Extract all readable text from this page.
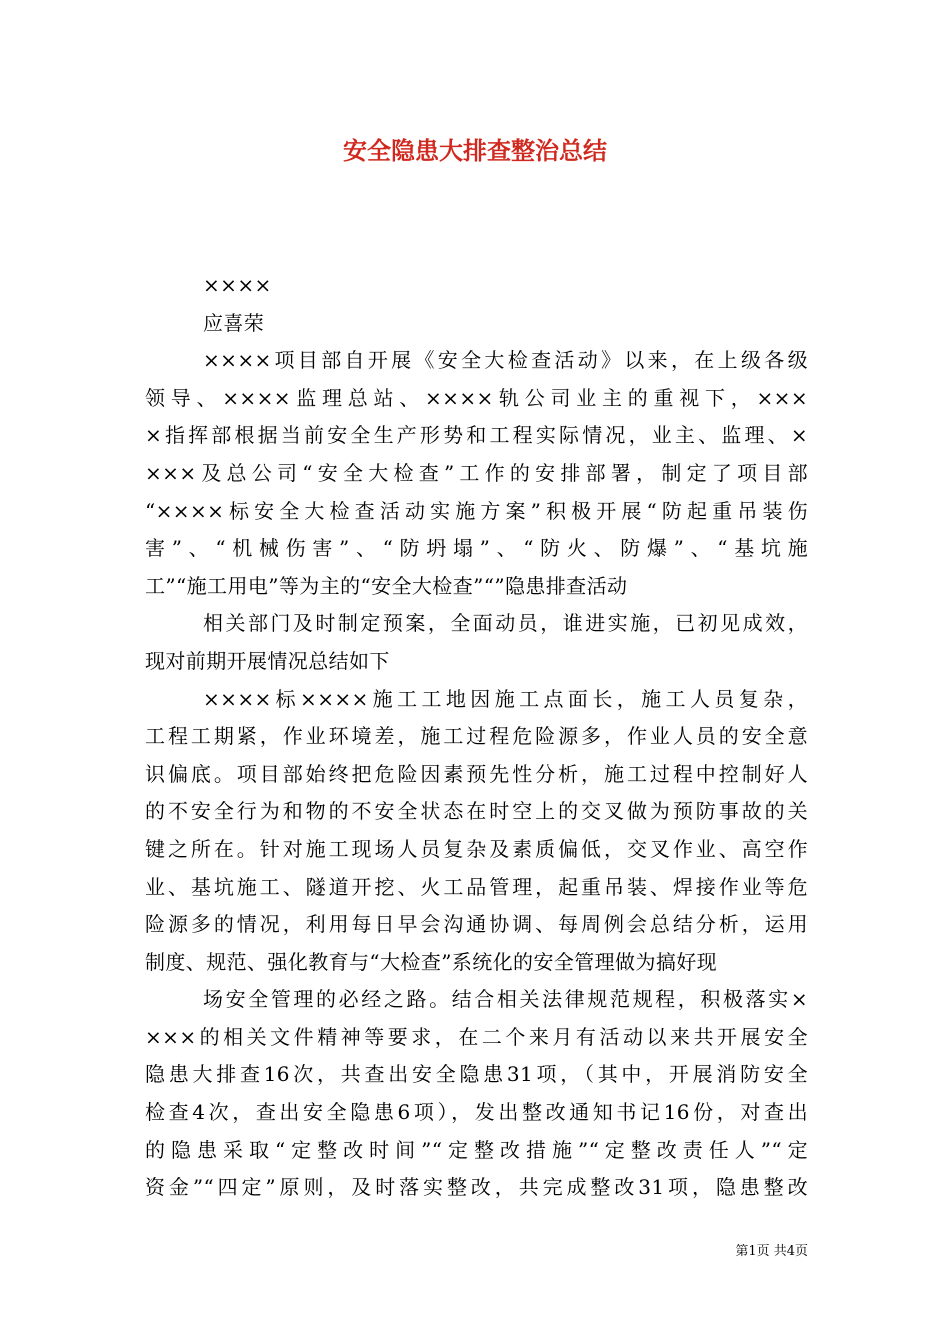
安全隐患大排查整治总结
××××
应喜荣
××××项目部自开展《安全大检查活动》以来，在上级各级
领导、××××监理总站、××××轨公司业主的重视下，×××
×指挥部根据当前安全生产形势和工程实际情况，业主、监理、×
×××及总公司“安全大检查”工作的安排部署，制定了项目部
“××××标安全大检查活动实施方案”积极开展“防起重吊装伤
害”、“机械伤害”、“防坍塌”、“防火、防爆”、“基坑施
工”“施工用电”等为主的“安全大检查”“”隐患排查活动
相关部门及时制定预案，全面动员，谁进实施，已初见成效，
现对前期开展情况总结如下
××××标××××施工工地因施工点面长，施工人员复杂，
工程工期紧，作业环境差，施工过程危险源多，作业人员的安全意
识偏底。项目部始终把危险因素预先性分析，施工过程中控制好人
的不安全行为和物的不安全状态在时空上的交叉做为预防事故的关
键之所在。针对施工现场人员复杂及素质偏低，交叉作业、高空作
业、基坑施工、隧道开挖、火工品管理，起重吊装、焊接作业等危
险源多的情况，利用每日早会沟通协调、每周例会总结分析，运用
制度、规范、强化教育与“大检查”系统化的安全管理做为搞好现
场安全管理的必经之路。结合相关法律规范规程，积极落实×
×××的相关文件精神等要求，在二个来月有活动以来共开展安全
隐患大排查16次，共查出安全隐患31项，（其中，开展消防安全
检查4次，查出安全隐患6项），发出整改通知书记16份，对查出
的隐患采取“定整改时间”“定整改措施”“定整改责任人”“定
资金”“四定”原则，及时落实整改，共完成整改31项，隐患整改
第1页 共4页
